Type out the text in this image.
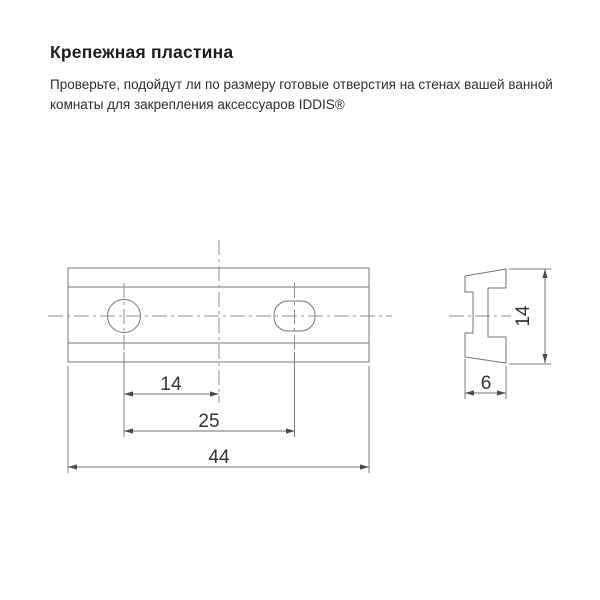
Крепежная пластина

Проверьте, подойдут ли по размеру готовые отверстия на стенах вашей ванной комнаты для закрепления аксессуаров IDDIS®

14
25
44
6
14
